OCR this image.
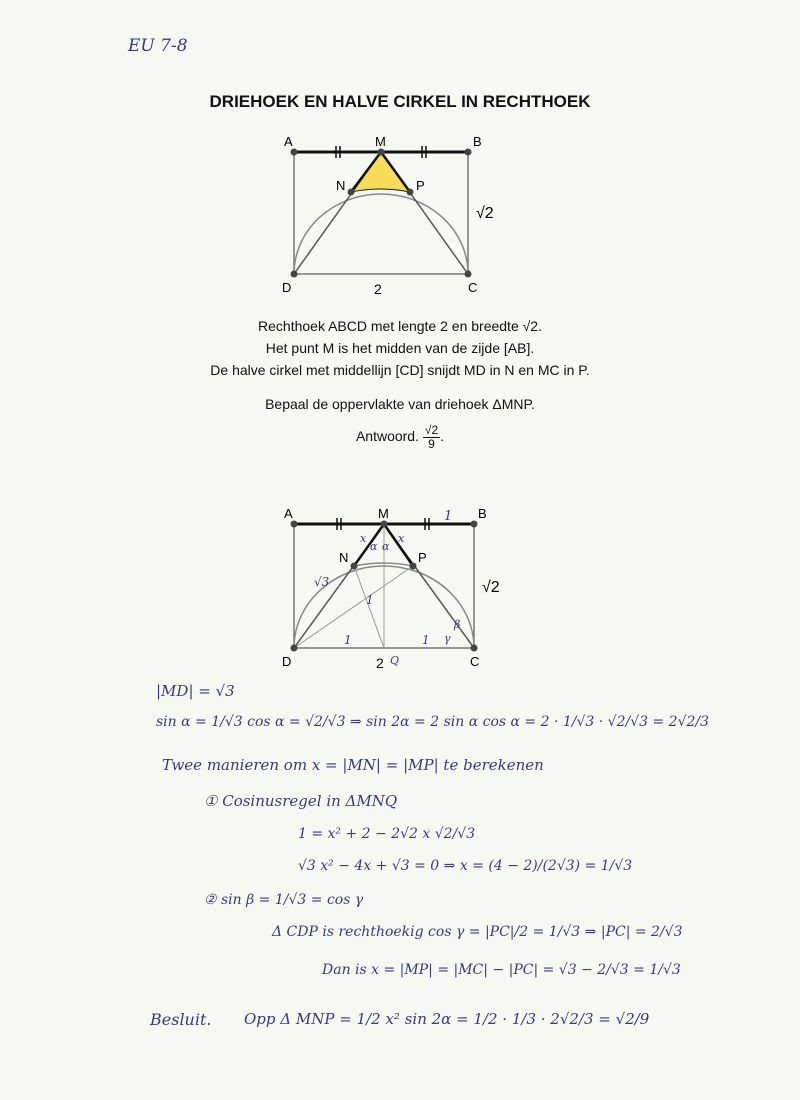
EU 7-8
DRIEHOEK EN HALVE CIRKEL IN RECHTHOEK
A	B
M
N	P
D	C
2
√2
Rechthoek ABCD met lengte 2 en breedte √2.
Het punt M is het midden van de zijde [AB].
De halve cirkel met middellijn [CD] snijdt MD in N en MC in P.
Bepaal de oppervlakte van driehoek ΔMNP.
Antwoord. $\frac{√2}{9}$ .
A	B
M
N	P
D	C
2 Q
√2
1
√3
1
1	1
x	x
α α
β
γ
|MD| = √3
sin α = 1/√3 cos α = √2/√3 ⇒ sin 2α = 2 sin α cos α = 2 · 1/√3 · √2/√3 = 2√2/3
Twee manieren om x = |MN| = |MP| te berekenen
① Cosinusregel in ΔMNQ
1 = x² + 2 − 2√2 x √2/√3
√3 x² − 4x + √3 = 0 ⇒ x = (4 − 2)/(2√3) = 1/√3
② sin β = 1/√3 = cos γ
Δ CDP is rechthoekig cos γ = |PC|/2 = 1/√3 ⇒ |PC| = 2/√3
Dan is x = |MP| = |MC| − |PC| = √3 − 2/√3 = 1/√3
Besluit. Opp Δ MNP = 1/2 x² sin 2α = 1/2 · 1/3 · 2√2/3 = √2/9
